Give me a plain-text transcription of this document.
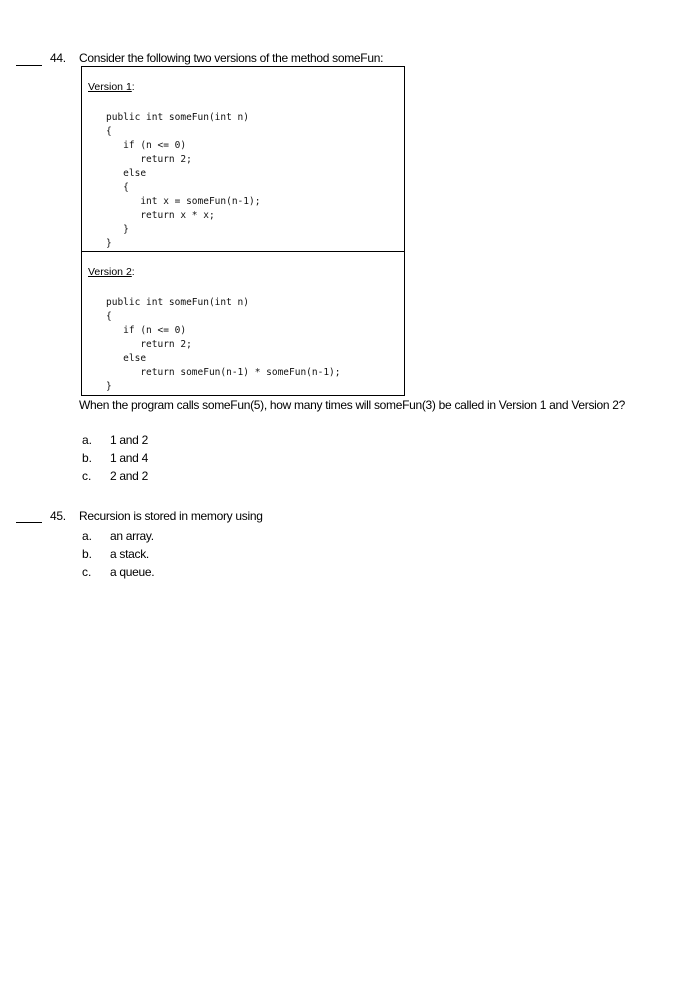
44. Consider the following two versions of the method someFun:
Version 1:
public int someFun(int n)
{
if (n <= 0)
return 2;
else
{
int x = someFun(n-1);
return x * x;
}
}
Version 2:
public int someFun(int n)
{
if (n <= 0)
return 2;
else
return someFun(n-1) * someFun(n-1);
}
When the program calls someFun(5), how many times will someFun(3) be called in Version 1 and Version 2?
a. 1 and 2
b. 1 and 4
c. 2 and 2
45. Recursion is stored in memory using
a. an array.
b. a stack.
c. a queue.
